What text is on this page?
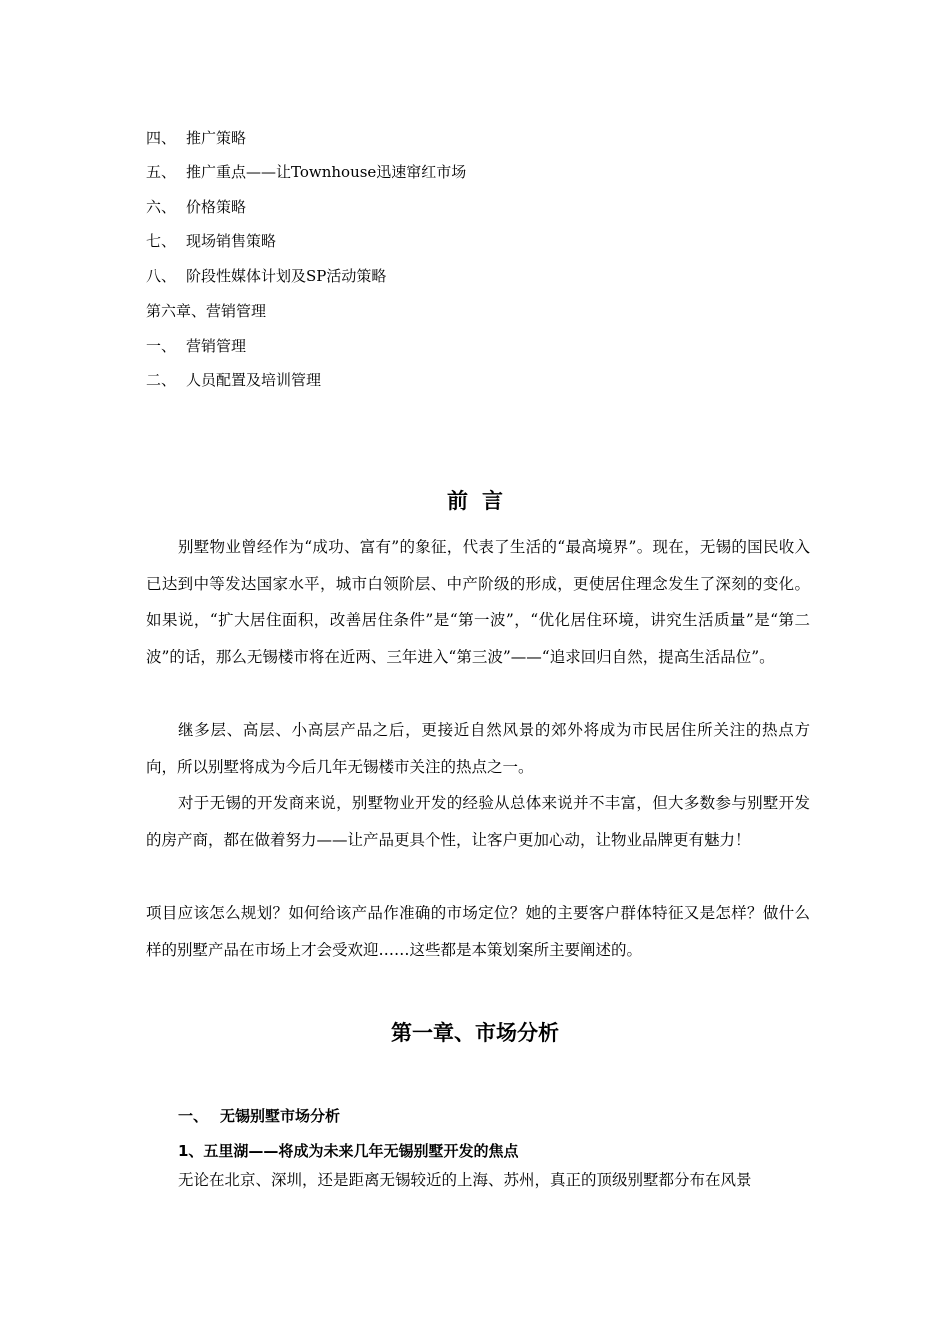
四、 推广策略
五、 推广重点——让Townhouse迅速窜红市场
六、 价格策略
七、 现场销售策略
八、 阶段性媒体计划及SP活动策略
第六章、营销管理
一、 营销管理
二、 人员配置及培训管理
前言

别墅物业曾经作为“成功、富有”的象征，代表了生活的“最高境界”。现在，无锡的国民收入已达到中等发达国家水平，城市白领阶层、中产阶级的形成，更使居住理念发生了深刻的变化。如果说，“扩大居住面积，改善居住条件”是“第一波”，“优化居住环境，讲究生活质量”是“第二波”的话，那么无锡楼市将在近两、三年进入“第三波”——“追求回归自然，提高生活品位”。

继多层、高层、小高层产品之后，更接近自然风景的郊外将成为市民居住所关注的热点方向，所以别墅将成为今后几年无锡楼市关注的热点之一。

对于无锡的开发商来说，别墅物业开发的经验从总体来说并不丰富，但大多数参与别墅开发的房产商，都在做着努力——让产品更具个性，让客户更加心动，让物业品牌更有魅力！

项目应该怎么规划？如何给该产品作准确的市场定位？她的主要客户群体特征又是怎样？做什么样的别墅产品在市场上才会受欢迎……这些都是本策划案所主要阐述的。

第一章、市场分析
一、 无锡别墅市场分析
1、五里湖——将成为未来几年无锡别墅开发的焦点

无论在北京、深圳，还是距离无锡较近的上海、苏州，真正的顶级别墅都分布在风景
